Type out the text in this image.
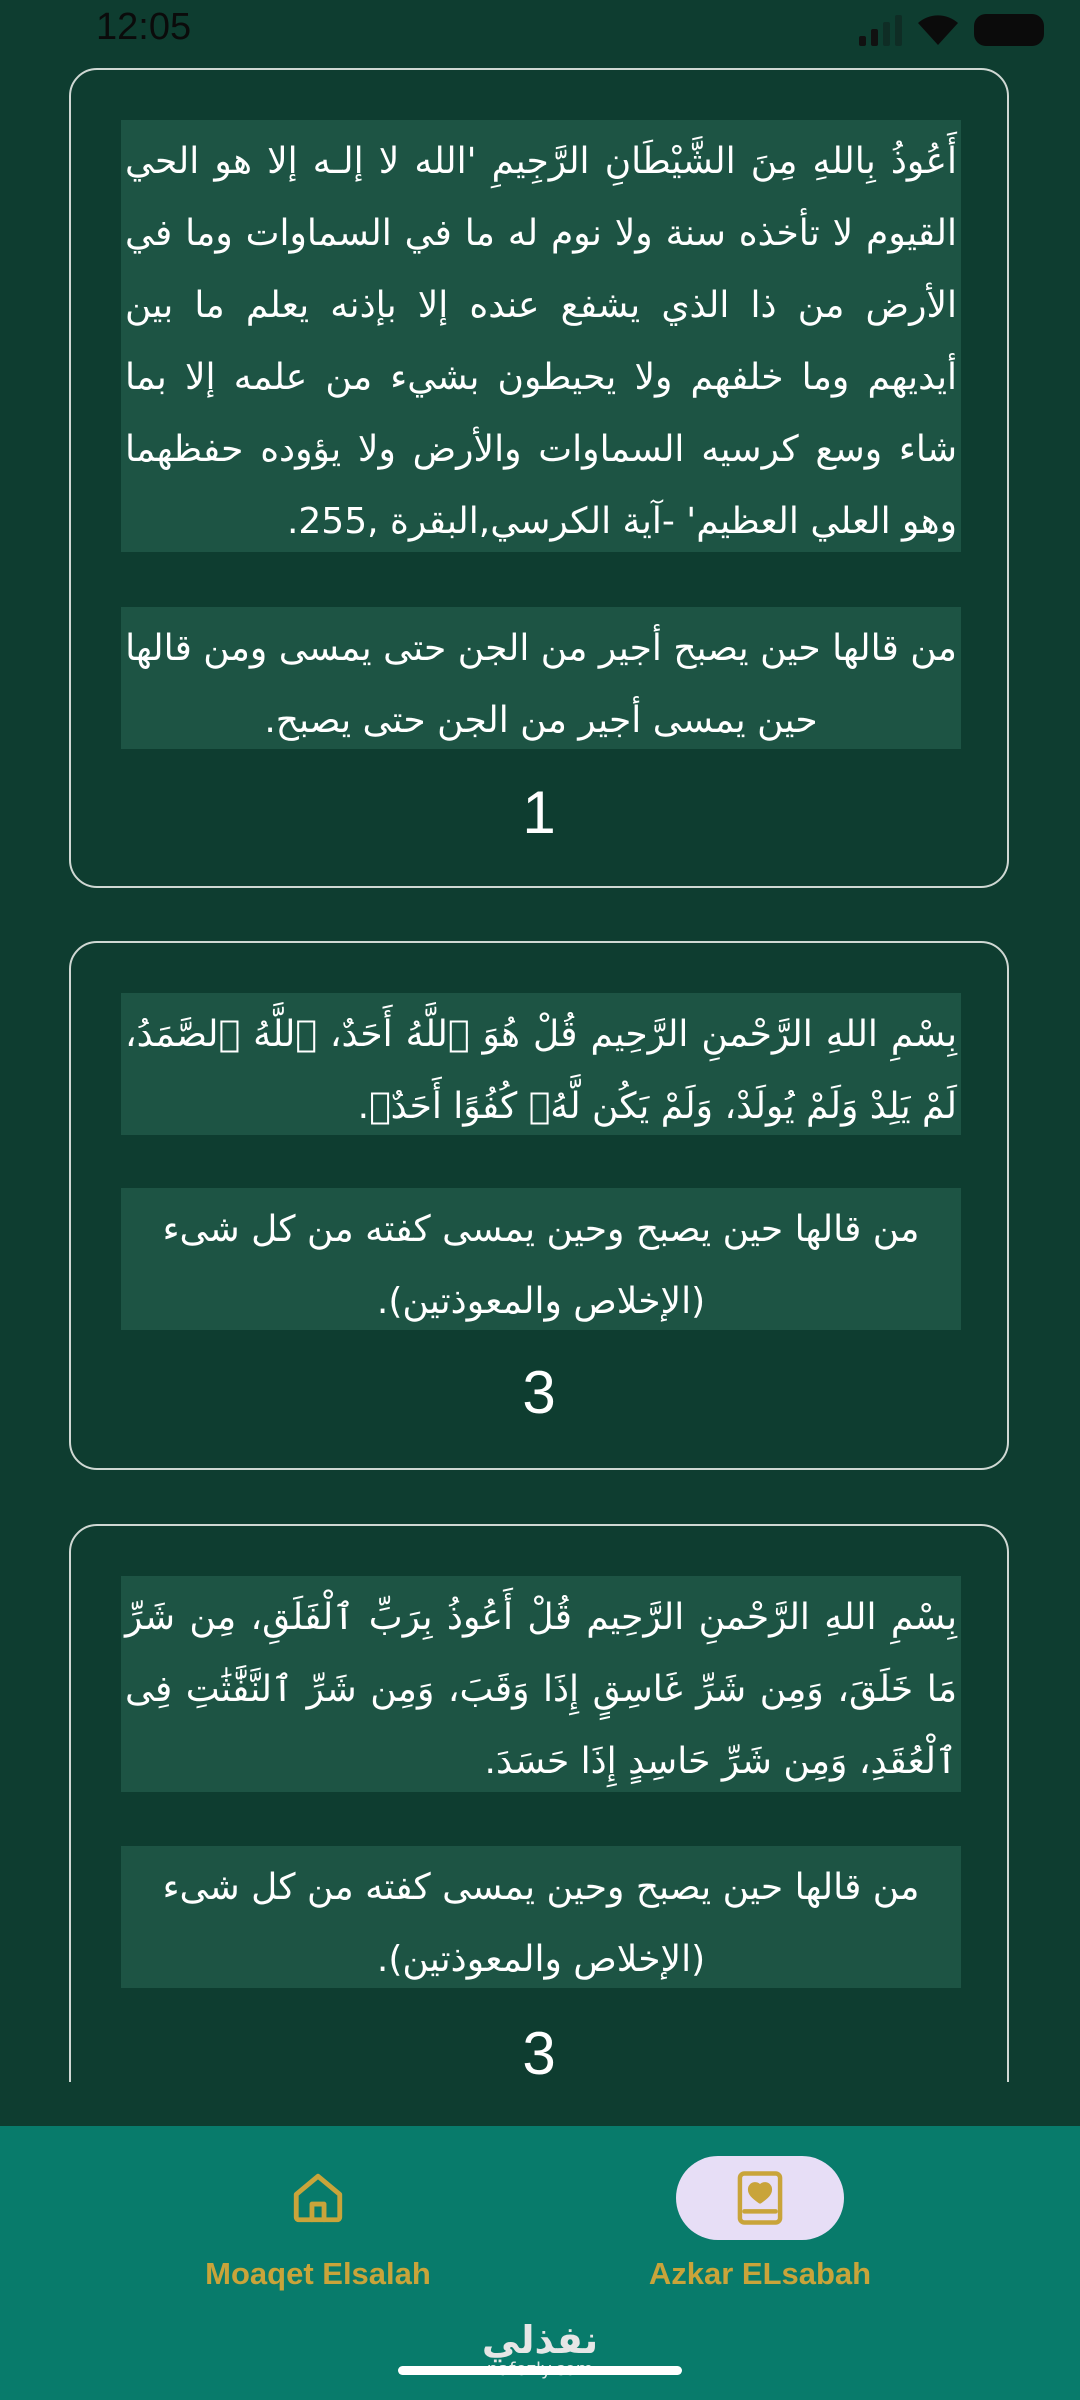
12:05
أَعُوذُ بِاللهِ مِنَ الشَّيْطَانِ الرَّجِيمِ 'الله لا إلـه إلا هو الحي القيوم لا تأخذه سنة ولا نوم له ما في السماوات وما في الأرض من ذا الذي يشفع عنده إلا بإذنه يعلم ما بين أيديهم وما خلفهم ولا يحيطون بشيء من علمه إلا بما شاء وسع كرسيه السماوات والأرض ولا يؤوده حفظهما وهو العلي العظيم' -آية الكرسي,البقرة ,255.
من قالها حين يصبح أجير من الجن حتى يمسى ومن قالها حين يمسى أجير من الجن حتى يصبح.
1
بِسْمِ اللهِ الرَّحْمنِ الرَّحِيم قُلْ هُوَ ٱللَّهُ أَحَدٌ، ٱللَّهُ ٱلصَّمَدُ، لَمْ يَلِدْ وَلَمْ يُولَدْ، وَلَمْ يَكُن لَّهُۥ كُفُوًا أَحَدٌۢ.
من قالها حين يصبح وحين يمسى كفته من كل شىء (الإخلاص والمعوذتين).
3
بِسْمِ اللهِ الرَّحْمنِ الرَّحِيم قُلْ أَعُوذُ بِرَبِّ ٱلْفَلَقِ، مِن شَرِّ مَا خَلَقَ، وَمِن شَرِّ غَاسِقٍ إِذَا وَقَبَ، وَمِن شَرِّ ٱلنَّفَّٰثَٰتِ فِى ٱلْعُقَدِ، وَمِن شَرِّ حَاسِدٍ إِذَا حَسَدَ.
من قالها حين يصبح وحين يمسى كفته من كل شىء (الإخلاص والمعوذتين).
3
Moaqet Elsalah	Azkar ELsabah
نفذلي
